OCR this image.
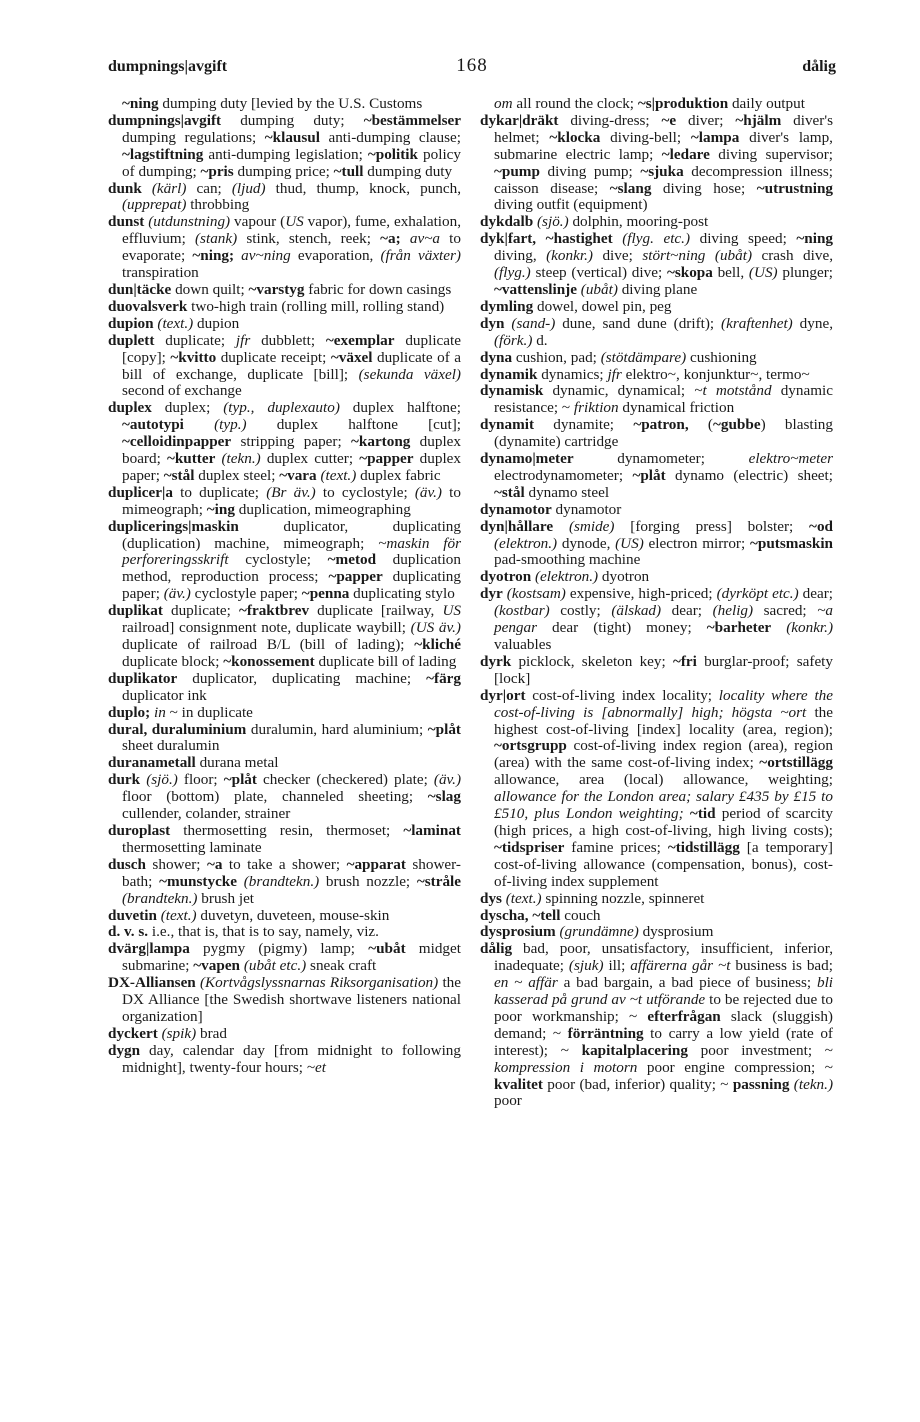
dumpnings|avgift	168	dålig

~ning dumping duty [levied by the U.S. Customs

dumpnings|avgift dumping duty; ~bestämmelser dumping regulations; ~klausul anti-dumping clause; ~lagstiftning anti-dumping legislation; ~politik policy of dumping; ~pris dumping price; ~tull dumping duty

dunk (kärl) can; (ljud) thud, thump, knock, punch, (upprepat) throbbing

dunst (utdunstning) vapour (US vapor), fume, exhalation, effluvium; (stank) stink, stench, reek; ~a; av~a to evaporate; ~ning; av~ning evaporation, (från växter) transpiration

dun|täcke down quilt; ~varstyg fabric for down casings

duovalsverk two-high train (rolling mill, rolling stand)

dupion (text.) dupion

duplett duplicate; jfr dubblett; ~exemplar duplicate [copy]; ~kvitto duplicate receipt; ~växel duplicate of a bill of exchange, duplicate [bill]; (sekunda växel) second of exchange

duplex duplex; (typ., duplexauto) duplex halftone; ~autotypi (typ.) duplex halftone [cut]; ~celloidinpapper stripping paper; ~kartong duplex board; ~kutter (tekn.) duplex cutter; ~papper duplex paper; ~stål duplex steel; ~vara (text.) duplex fabric

duplicer|a to duplicate; (Br äv.) to cyclostyle; (äv.) to mimeograph; ~ing duplication, mimeographing

duplicerings|maskin duplicator, duplicating (duplication) machine, mimeograph; ~maskin för perforeringsskrift cyclostyle; ~metod duplication method, reproduction process; ~papper duplicating paper; (äv.) cyclostyle paper; ~penna duplicating stylo

duplikat duplicate; ~fraktbrev duplicate [railway, US railroad] consignment note, duplicate waybill; (US äv.) duplicate of railroad B/L (bill of lading); ~kliché duplicate block; ~konossement duplicate bill of lading

duplikator duplicator, duplicating machine; ~färg duplicator ink

duplo; in ~ in duplicate

dural, duraluminium duralumin, hard aluminium; ~plåt sheet duralumin

duranametall durana metal

durk (sjö.) floor; ~plåt checker (checkered) plate; (äv.) floor (bottom) plate, channeled sheeting; ~slag cullender, colander, strainer

duroplast thermosetting resin, thermoset; ~laminat thermosetting laminate

dusch shower; ~a to take a shower; ~apparat shower-bath; ~munstycke (brandtekn.) brush nozzle; ~stråle (brandtekn.) brush jet

duvetin (text.) duvetyn, duveteen, mouse-skin

d. v. s. i.e., that is, that is to say, namely, viz.

dvärg|lampa pygmy (pigmy) lamp; ~ubåt midget submarine; ~vapen (ubåt etc.) sneak craft

DX-Alliansen (Kortvågslyssnarnas Riksorganisation) the DX Alliance [the Swedish shortwave listeners national organization]

dyckert (spik) brad

dygn day, calendar day [from midnight to following midnight], twenty-four hours; ~et

om all round the clock; ~s|produktion daily output

dykar|dräkt diving-dress; ~e diver; ~hjälm diver's helmet; ~klocka diving-bell; ~lampa diver's lamp, submarine electric lamp; ~ledare diving supervisor; ~pump diving pump; ~sjuka decompression illness; caisson disease; ~slang diving hose; ~utrustning diving outfit (equipment)

dykdalb (sjö.) dolphin, mooring-post

dyk|fart, ~hastighet (flyg. etc.) diving speed; ~ning diving, (konkr.) dive; stört~ning (ubåt) crash dive, (flyg.) steep (vertical) dive; ~skopa bell, (US) plunger; ~vattenslinje (ubåt) diving plane

dymling dowel, dowel pin, peg

dyn (sand-) dune, sand dune (drift); (kraftenhet) dyne, (förk.) d.

dyna cushion, pad; (stötdämpare) cushioning

dynamik dynamics; jfr elektro~, konjunktur~, termo~

dynamisk dynamic, dynamical; ~t motstånd dynamic resistance; ~ friktion dynamical friction

dynamit dynamite; ~patron, (~gubbe) blasting (dynamite) cartridge

dynamo|meter dynamometer; elektro~meter electrodynamometer; ~plåt dynamo (electric) sheet; ~stål dynamo steel

dynamotor dynamotor

dyn|hållare (smide) [forging press] bolster; ~od (elektron.) dynode, (US) electron mirror; ~putsmaskin pad-smoothing machine

dyotron (elektron.) dyotron

dyr (kostsam) expensive, high-priced; (dyrköpt etc.) dear; (kostbar) costly; (älskad) dear; (helig) sacred; ~a pengar dear (tight) money; ~barheter (konkr.) valuables

dyrk picklock, skeleton key; ~fri burglar-proof; safety [lock]

dyr|ort cost-of-living index locality; locality where the cost-of-living is [abnormally] high; högsta ~ort the highest cost-of-living [index] locality (area, region); ~ortsgrupp cost-of-living index region (area), region (area) with the same cost-of-living index; ~ortstillägg allowance, area (local) allowance, weighting; allowance for the London area; salary £435 by £15 to £510, plus London weighting; ~tid period of scarcity (high prices, a high cost-of-living, high living costs); ~tidspriser famine prices; ~tidstillägg [a temporary] cost-of-living allowance (compensation, bonus), cost-of-living index supplement

dys (text.) spinning nozzle, spinneret

dyscha, ~tell couch

dysprosium (grundämne) dysprosium

dålig bad, poor, unsatisfactory, insufficient, inferior, inadequate; (sjuk) ill; affärerna går ~t business is bad; en ~ affär a bad bargain, a bad piece of business; bli kasserad på grund av ~t utförande to be rejected due to poor workmanship; ~ efterfrågan slack (sluggish) demand; ~ förräntning to carry a low yield (rate of interest); ~ kapitalplacering poor investment; ~ kompression i motorn poor engine compression; ~ kvalitet poor (bad, inferior) quality; ~ passning (tekn.) poor
